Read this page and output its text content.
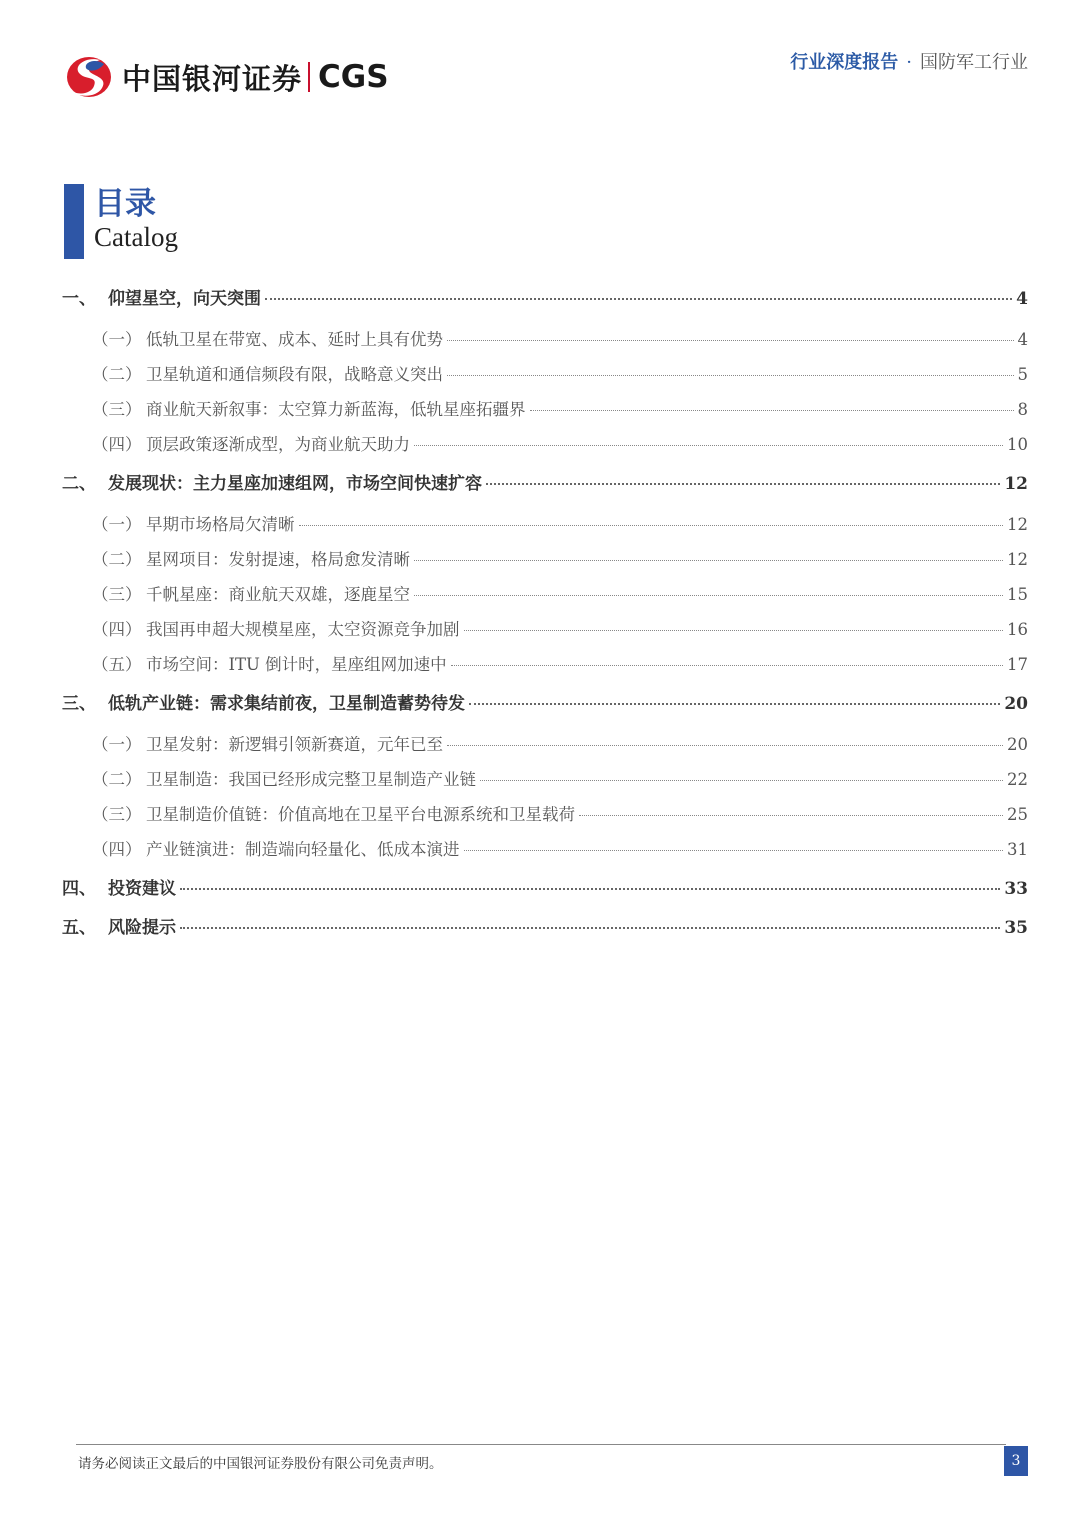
中国银河证券 CGS	行业深度报告 · 国防军工行业
目录
Catalog
一、 仰望星空，向天突围	4
（一） 低轨卫星在带宽、成本、延时上具有优势	4
（二） 卫星轨道和通信频段有限，战略意义突出	5
（三） 商业航天新叙事：太空算力新蓝海，低轨星座拓疆界	8
（四） 顶层政策逐渐成型，为商业航天助力	10
二、 发展现状：主力星座加速组网，市场空间快速扩容	12
（一） 早期市场格局欠清晰	12
（二） 星网项目：发射提速，格局愈发清晰	12
（三） 千帆星座：商业航天双雄，逐鹿星空	15
（四） 我国再申超大规模星座，太空资源竞争加剧	16
（五） 市场空间：ITU 倒计时，星座组网加速中	17
三、 低轨产业链：需求集结前夜，卫星制造蓄势待发	20
（一） 卫星发射：新逻辑引领新赛道，元年已至	20
（二） 卫星制造：我国已经形成完整卫星制造产业链	22
（三） 卫星制造价值链：价值高地在卫星平台电源系统和卫星载荷	25
（四） 产业链演进：制造端向轻量化、低成本演进	31
四、 投资建议	33
五、 风险提示	35
请务必阅读正文最后的中国银河证券股份有限公司免责声明。	3
